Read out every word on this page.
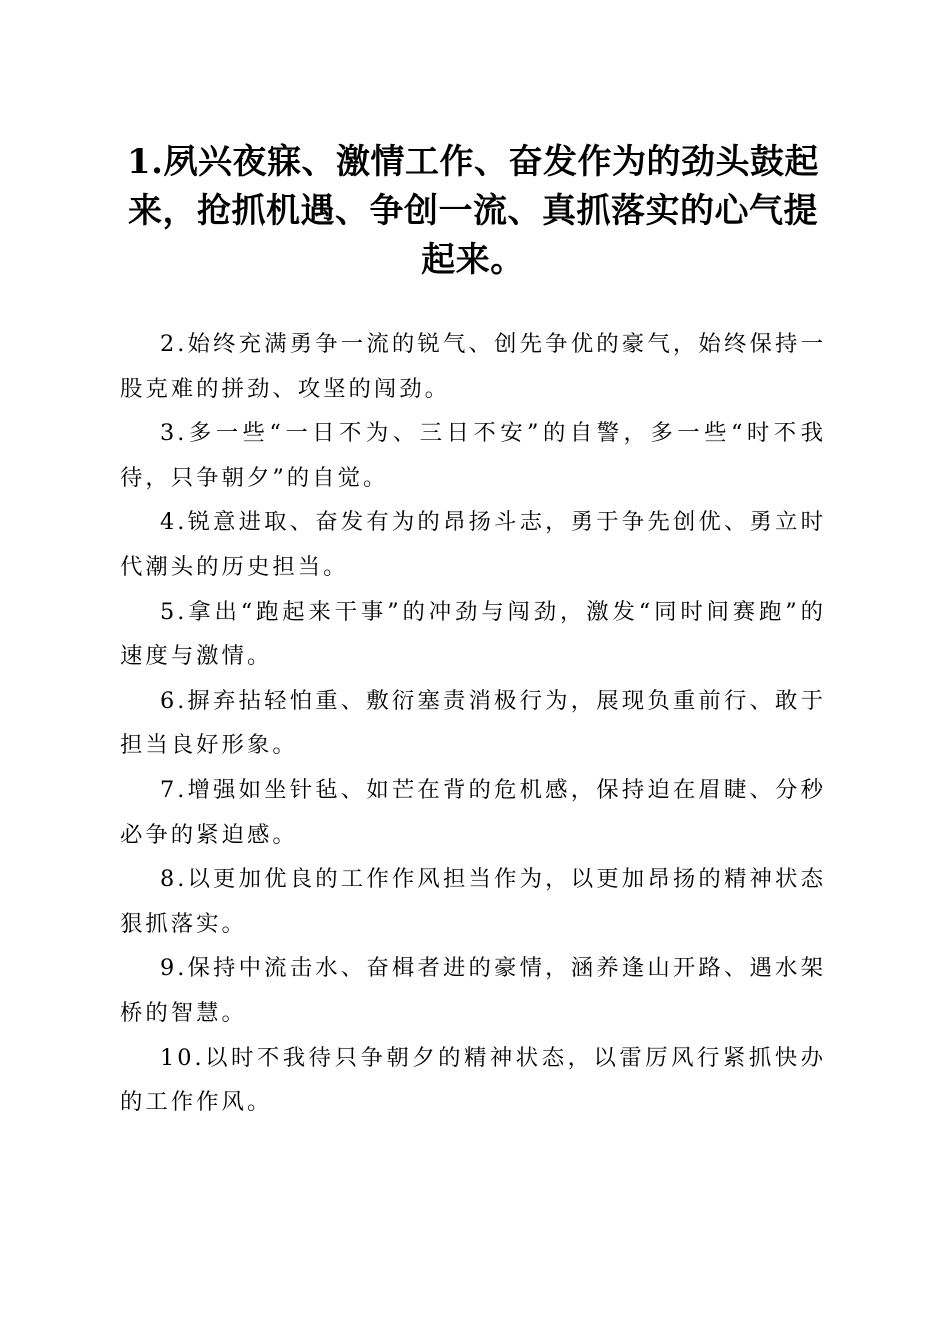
1.夙兴夜寐、激情工作、奋发作为的劲头鼓起来，抢抓机遇、争创一流、真抓落实的心气提起来。

2.始终充满勇争一流的锐气、创先争优的豪气，始终保持一股克难的拼劲、攻坚的闯劲。

3.多一些“一日不为、三日不安”的自警，多一些“时不我待，只争朝夕”的自觉。

4.锐意进取、奋发有为的昂扬斗志，勇于争先创优、勇立时代潮头的历史担当。

5.拿出“跑起来干事”的冲劲与闯劲，激发“同时间赛跑”的速度与激情。

6.摒弃拈轻怕重、敷衍塞责消极行为，展现负重前行、敢于担当良好形象。

7.增强如坐针毡、如芒在背的危机感，保持迫在眉睫、分秒必争的紧迫感。

8.以更加优良的工作作风担当作为，以更加昂扬的精神状态狠抓落实。

9.保持中流击水、奋楫者进的豪情，涵养逢山开路、遇水架桥的智慧。

10.以时不我待只争朝夕的精神状态，以雷厉风行紧抓快办的工作作风。
